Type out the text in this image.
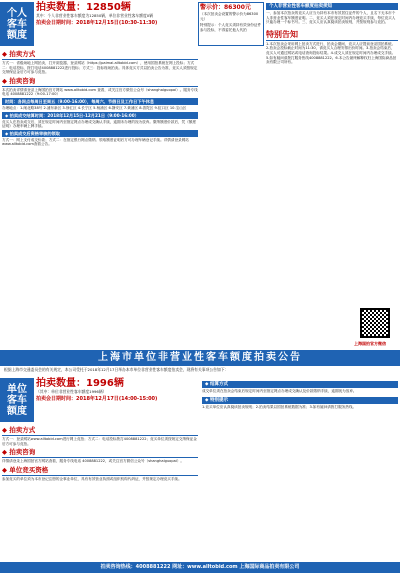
个人
客车
额度
拍卖数量：12850辆
其中：个人非营业性客车额度为12850辆，单位非营业性客车额度0辆
拍卖会日期时间：2018年12月15日(10:30-11:30)
警示价：86300元
（本次拍卖会设置的警示价为86300元）
特别提示：个人竞买须持有效身份证件参与投标，不得委托他人代拍
◆ 拍卖方式
方式一：省级场地上网拍卖，打开浏览器，登录网站（https://paimai.alltobid.com），使用国拍系统在网上投标；方式二：电话投标，拨打电话4008881222进行投标；方式三：投标现场拍卖。具体竞买方式以拍卖公告为准，竞买人须按规定交纳保证金后方可参与竞拍。
◆ 拍卖咨询
本次拍卖详情请登录上海国拍官方网站 www.alltobid.com 查看，或关注官方微信公众号（shanghaiguopai）。服务专线电话 4008881222（9:00-17:00）
时间：各网点每周日至周五（9:00-16:00），每周六、节假日及工作日下午休息
办理地点：1.闸北路38号 2.浦东新区 3.徐汇区 4.长宁区 5.杨浦区 6.静安区 7.黄浦区 8.普陀区 9.虹口区 10.宝山区
◆ 拍卖成交结算时间：2018年12月15日-12月21日（9:00-16:00）
竞买人在拍卖成交后，须在规定时间内至指定网点办理成交确认手续，逾期未办理的视为放弃。缴纳额度价款后，凭《额度证明》办理车辆上牌手续。
◆ 拍卖成交后资格审核的领取
方式一：网上支付成交价款；方式二：在指定银行网点缴纳。领取额度证明后方可办理车辆登记手续。详情请登录网站www.alltobid.com查看公告。
个人非营业性客车额度拍卖须知
一、参加本次拍卖的竞买人应当为持有本市有效居住证件的个人，且名下无本市个人非营业性客车额度证明。二、竞买人须在规定时间内办理竞买手续，每位竞买人只能办理一个标书号。三、竞买人应认真阅读拍卖规则，并按规则参与竞拍。
特别告知
1.本次拍卖会采用网上拍卖方式进行，拍卖会期间，竞买人应提前登录国拍系统。2.拍卖会投标截止时间为11:30，请竞买人合理安排出价时间。3.拍卖会结束后，竞买人可通过网站或电话查询投标结果。4.成交人须在规定时间内办理成交手续。5.如有疑问请拨打服务热线4008881222。6.本公告最终解释权归上海国际商品拍卖有限公司所有。
上海国拍官方微信
上海市单位非营业性客车额度拍卖公告
根据上海市交通委员会的有关规定，本公司受托于2018年12月17日举办本市单位非营业性客车额度拍卖会，现将有关事项公告如下：
单位
客车
额度
拍卖数量：1996辆
（其中：单位非营业性客车额度1996辆）
拍卖会日期时间：2018年12月17日(14:00-15:00)
◆ 拍卖方式
方式一：登录网站www.alltobid.com进行网上竞拍；方式二：电话投标拨打4008881222；竞买单位须按规定交纳保证金后方可参与竞拍。
◆ 拍卖咨询
详情请登录上海国拍官方网站查看，服务专线电话 4008881222，或关注官方微信公众号（shanghaiguopai）。
◆ 单位竞买资格
参加竞买的单位须为本市登记注册的企事业单位，具有有效营业执照或组织机构代码证，并按规定办理竞买手续。
◆ 结算方式
成交单位须在拍卖会结束后规定时间内至指定网点办理成交确认及价款缴纳手续，逾期视为放弃。
◆ 特别提示
1.竞买单位应认真阅读拍卖规则；2.拍卖结果以国拍系统数据为准；3.如有疑问请拨打服务热线。
拍卖咨询热线：4008881222 网址：www.alltobid.com 上海国际商品拍卖有限公司
